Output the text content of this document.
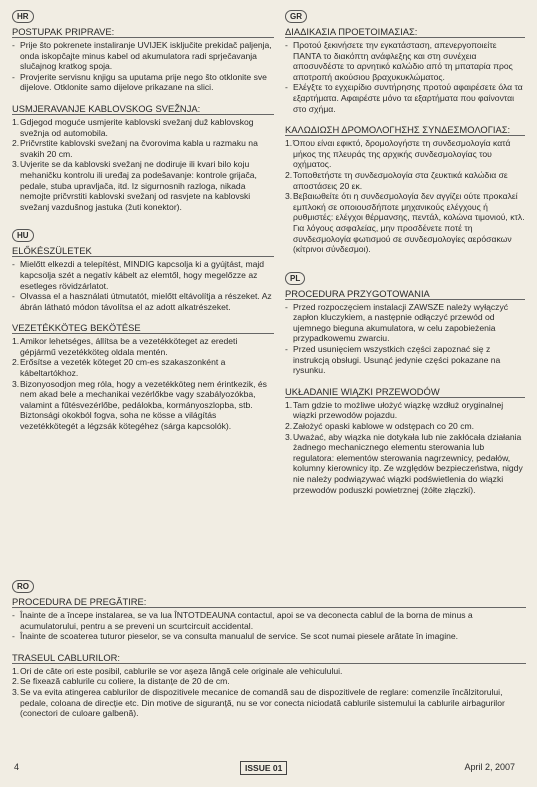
HR
POSTUPAK PRIPRAVE:

- Prije što pokrenete instaliranje UVIJEK isključite prekidač paljenja, onda iskopčajte minus kabel od akumulatora radi sprječavanja slučajnog kratkog spoja.

- Provjerite servisnu knjigu sa uputama prije nego što otklonite sve dijelove. Otklonite samo dijelove prikazane na slici.

USMJERAVANJE KABLOVSKOG SVEŽNJA:

1. Gdjegod moguće usmjerite kablovski svežanj duž kablovskog svežnja od automobila.

2. Pričvrstite kablovski svežanj na čvorovima kabla u razmaku na svakih 20 cm.

3. Uvjerite se da kablovski svežanj ne dodiruje ili kvari bilo koju mehaničku kontrolu ili uređaj za podešavanje: kontrole grijača, pedale, stuba upravljača, itd. Iz sigurnosnih razloga, nikada nemojte pričvrstiti kablovski svežanj od rasvjete na kablovski svežanj vazdušnog jastuka (žuti konektor).

HU
ELŐKÉSZÜLETEK

- Mielőtt elkezdi a telepítést, MINDIG kapcsolja ki a gyújtást, majd kapcsolja szét a negatív kábelt az elemtől, hogy megelőzze az esetleges rövidzárlatot.

- Olvassa el a használati útmutatót, mielőtt eltávolítja a részeket. Az ábrán látható módon távolítsa el az adott alkatrészeket.

VEZETÉKKÖTEG BEKÖTÉSE

1. Amikor lehetséges, állítsa be a vezetékköteget az eredeti gépjármű vezetékköteg oldala mentén.

2. Erősítse a vezeték köteget 20 cm-es szakaszonként a kábeltartókhoz.

3. Bizonyosodjon meg róla, hogy a vezetékköteg nem érintkezik, és nem akad bele a mechanikai vezérlőkbe vagy szabályozókba, valamint a fűtésvezérlőbe, pedálokba, kormányoszlopba, stb. Biztonsági okokból fogva, soha ne kösse a világítás vezetékkötegét a légzsák kötegéhez (sárga kapcsolók).

GR
ΔΙΑΔΙΚΑΣΙΑ ΠΡΟΕΤΟΙΜΑΣΙΑΣ:

- Προτού ξεκινήσετε την εγκατάσταση, απενεργοποιείτε ΠΑΝΤΑ το διακόπτη ανάφλεξης και στη συνέχεια αποσυνδέστε το αρνητικό καλώδιο από τη μπαταρία προς αποτροπή ακούσιου βραχυκυκλώματος.

- Ελέγξτε το εγχειρίδιο συντήρησης προτού αφαιρέσετε όλα τα εξαρτήματα. Αφαιρέστε μόνο τα εξαρτήματα που φαίνονται στο σχήμα.

ΚΑΛΩΔΙΩΣΗ ΔΡΟΜΟΛΟΓΗΣΗΣ ΣΥΝΔΕΣΜΟΛΟΓΙΑΣ:

1. Όπου είναι εφικτό, δρομολογήστε τη συνδεσμολογία κατά μήκος της πλευράς της αρχικής συνδεσμολογίας του οχήματος.

2. Τοποθετήστε τη συνδεσμολογία στα ζευκτικά καλώδια σε αποστάσεις 20 εκ.

3. Βεβαιωθείτε ότι η συνδεσμολογία δεν αγγίζει ούτε προκαλεί εμπλοκή σε οποιουσδήποτε μηχανικούς ελέγχους ή ρυθμιστές: ελέγχοι θέρμανσης, πεντάλ, κολώνα τιμονιού, κτλ. Για λόγους ασφαλείας, μην προσδένετε ποτέ τη συνδεσμολογία φωτισμού σε συνδεσμολογίες αερόσακων (κίτρινοι σύνδεσμοι).

PL
PROCEDURA PRZYGOTOWANIA

- Przed rozpoczęciem instalacji ZAWSZE należy wyłączyć zapłon kluczykiem, a następnie odłączyć przewód od ujemnego bieguna akumulatora, w celu zapobieżenia przypadkowemu zwarciu.

- Przed usunięciem wszystkich części zapoznać się z instrukcją obsługi. Usunąć jedynie części pokazane na rysunku.

UKŁADANIE WIĄZKI PRZEWODÓW

1. Tam gdzie to możliwe ułożyć wiązkę wzdłuż oryginalnej wiązki przewodów pojazdu.

2. Założyć opaski kablowe w odstępach co 20 cm.

3. Uważać, aby wiązka nie dotykała lub nie zakłócała działania żadnego mechanicznego elementu sterowania lub regulatora: elementów sterowania nagrzewnicy, pedałów, kolumny kierownicy itp. Ze względów bezpieczeństwa, nigdy nie należy podwiązywać wiązki podświetlenia do wiązki przewodów poduszki powietrznej (żółte złączki).

RO
PROCEDURA DE PREGĂTIRE:

- Înainte de a începe instalarea, se va lua ÎNTOTDEAUNA contactul, apoi se va deconecta cablul de la borna de minus a acumulatorului, pentru a se preveni un scurtcircuit accidental.

- Înainte de scoaterea tuturor pieselor, se va consulta manualul de service. Se scot numai piesele arătate în imagine.

TRASEUL CABLURILOR:

1. Ori de câte ori este posibil, cablurile se vor așeza lângă cele originale ale vehiculului.

2. Se fixează cablurile cu coliere, la distanțe de 20 de cm.

3. Se va evita atingerea cablurilor de dispozitivele mecanice de comandă sau de dispozitivele de reglare: comenzile încălzitorului, pedale, coloana de direcție etc. Din motive de siguranță, nu se vor conecta niciodată cablurile sistemului la cablurile airbagurilor (conectori de culoare galbenă).

4	ISSUE 01	April 2, 2007
